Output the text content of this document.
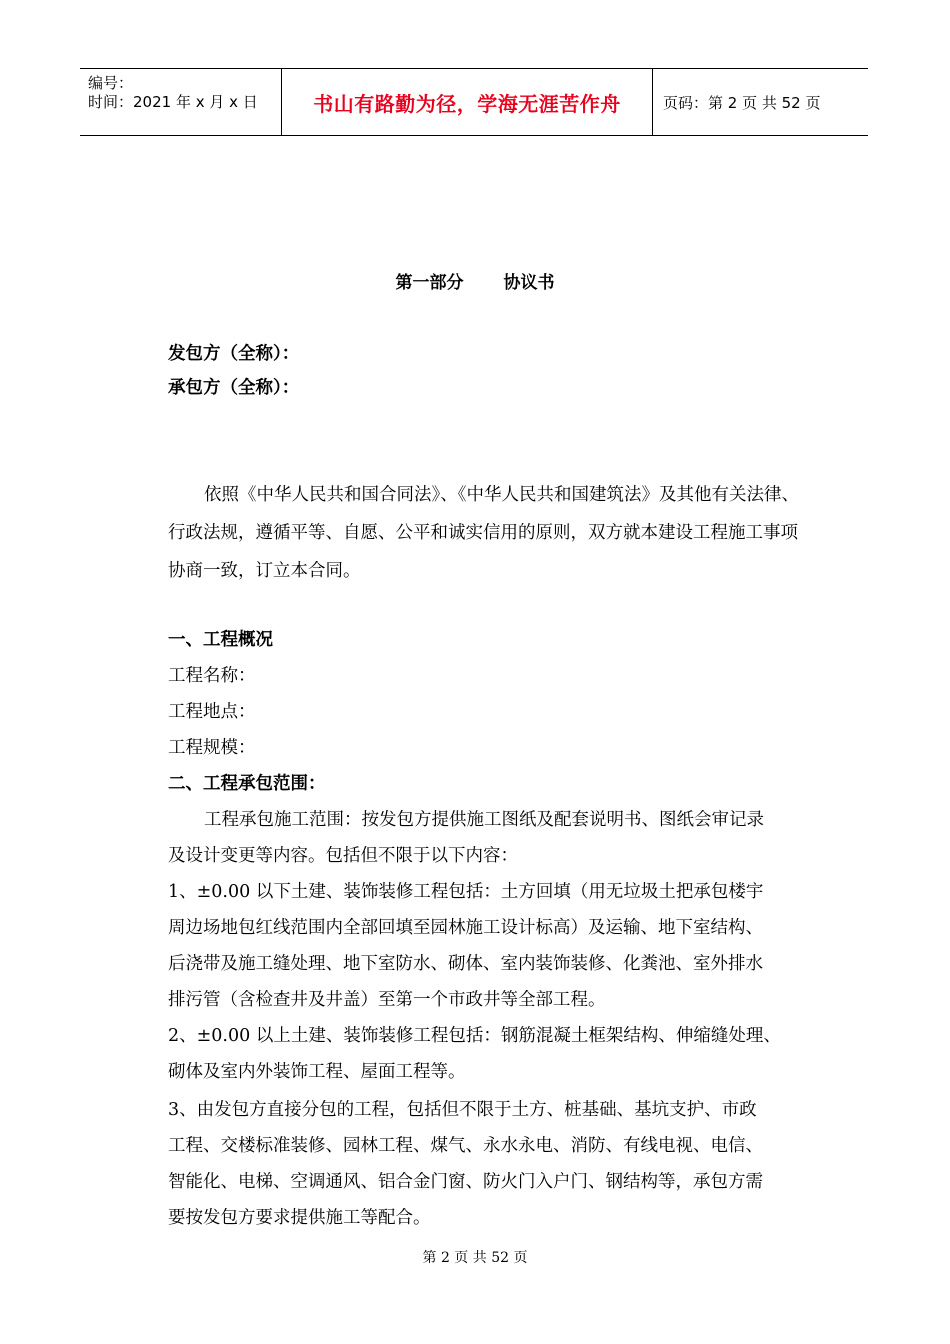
编号：
时间：2021 年 x 月 x 日	书山有路勤为径，学海无涯苦作舟	页码：第 2 页 共 52 页
第一部分 协议书
发包方（全称）：
承包方（全称）：

依照《中华人民共和国合同法》、《中华人民共和国建筑法》及其他有关法律、

行政法规，遵循平等、自愿、公平和诚实信用的原则，双方就本建设工程施工事项

协商一致，订立本合同。

一、工程概况

工程名称：

工程地点：

工程规模：

二、工程承包范围：

工程承包施工范围：按发包方提供施工图纸及配套说明书、图纸会审记录

及设计变更等内容。包括但不限于以下内容：

1、±0.00 以下土建、装饰装修工程包括：土方回填（用无垃圾土把承包楼宇

周边场地包红线范围内全部回填至园林施工设计标高）及运输、地下室结构、

后浇带及施工缝处理、地下室防水、砌体、室内装饰装修、化粪池、室外排水

排污管（含检查井及井盖）至第一个市政井等全部工程。

2、±0.00 以上土建、装饰装修工程包括：钢筋混凝土框架结构、伸缩缝处理、

砌体及室内外装饰工程、屋面工程等。

3、由发包方直接分包的工程，包括但不限于土方、桩基础、基坑支护、市政

工程、交楼标准装修、园林工程、煤气、永水永电、消防、有线电视、电信、

智能化、电梯、空调通风、铝合金门窗、防火门入户门、钢结构等，承包方需

要按发包方要求提供施工等配合。

第 2 页 共 52 页
